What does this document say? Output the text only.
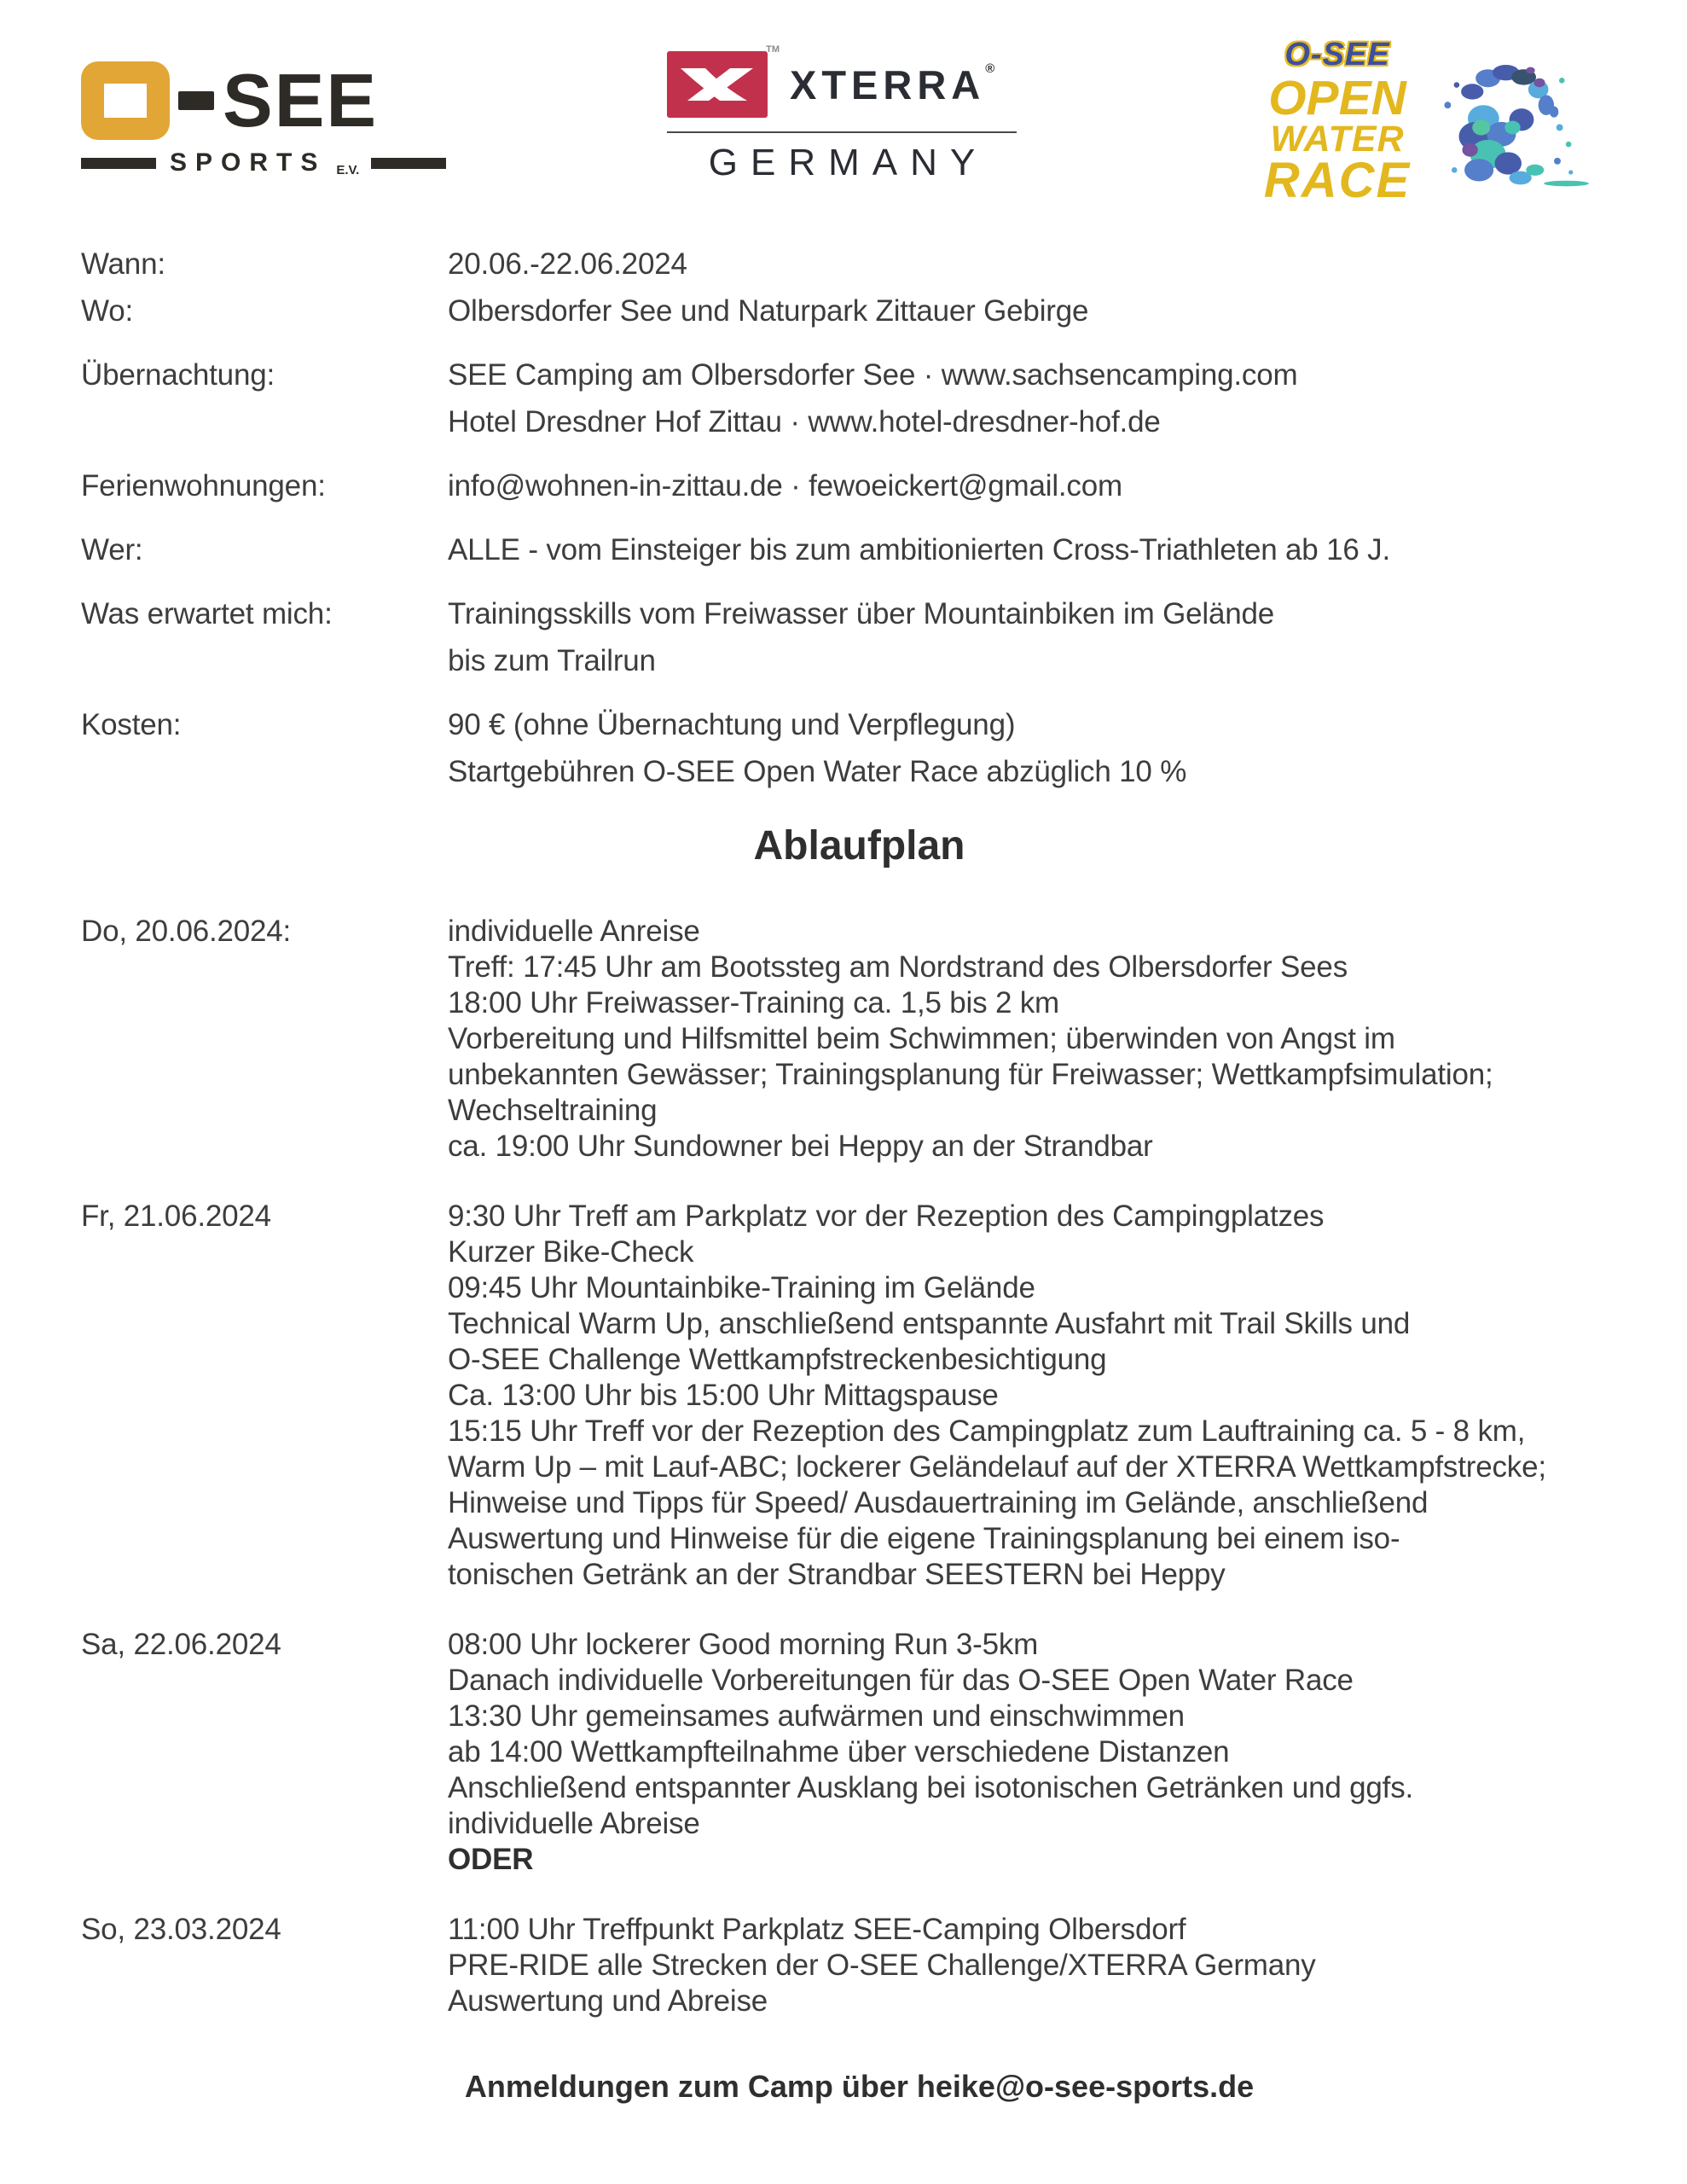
SEE
SPORTS E.V.
TM
XTERRA®
GERMANY
O-SEE
OPEN
WATER
RACE
Wann:	20.06.-22.06.2024
Wo:	Olbersdorfer See und Naturpark Zittauer Gebirge
Übernachtung:	SEE Camping am Olbersdorfer See · www.sachsencamping.com
Hotel Dresdner Hof Zittau · www.hotel-dresdner-hof.de
Ferienwohnungen:	info@wohnen-in-zittau.de · fewoeickert@gmail.com
Wer:	ALLE - vom Einsteiger bis zum ambitionierten Cross-Triathleten ab 16 J.
Was erwartet mich:	Trainingsskills vom Freiwasser über Mountainbiken im Gelände
bis zum Trailrun
Kosten:	90 € (ohne Übernachtung und Verpflegung)
Startgebühren O-SEE Open Water Race abzüglich 10 %
Ablaufplan
Do, 20.06.2024:	individuelle Anreise
Treff: 17:45 Uhr am Bootssteg am Nordstrand des Olbersdorfer Sees
18:00 Uhr Freiwasser-Training ca. 1,5 bis 2 km
Vorbereitung und Hilfsmittel beim Schwimmen; überwinden von Angst im
unbekannten Gewässer; Trainingsplanung für Freiwasser; Wettkampfsimulation;
Wechseltraining
ca. 19:00 Uhr Sundowner bei Heppy an der Strandbar
Fr, 21.06.2024	9:30 Uhr Treff am Parkplatz vor der Rezeption des Campingplatzes
Kurzer Bike-Check
09:45 Uhr Mountainbike-Training im Gelände
Technical Warm Up, anschließend entspannte Ausfahrt mit Trail Skills und
O-SEE Challenge Wettkampfstreckenbesichtigung
Ca. 13:00 Uhr bis 15:00 Uhr Mittagspause
15:15 Uhr Treff vor der Rezeption des Campingplatz zum Lauftraining ca. 5 - 8 km,
Warm Up – mit Lauf-ABC; lockerer Geländelauf auf der XTERRA Wettkampfstrecke;
Hinweise und Tipps für Speed/ Ausdauertraining im Gelände, anschließend
Auswertung und Hinweise für die eigene Trainingsplanung bei einem iso-
tonischen Getränk an der Strandbar SEESTERN bei Heppy
Sa, 22.06.2024	08:00 Uhr lockerer Good morning Run 3-5km
Danach individuelle Vorbereitungen für das O-SEE Open Water Race
13:30 Uhr gemeinsames aufwärmen und einschwimmen
ab 14:00 Wettkampfteilnahme über verschiedene Distanzen
Anschließend entspannter Ausklang bei isotonischen Getränken und ggfs.
individuelle Abreise
ODER
So, 23.03.2024	11:00 Uhr Treffpunkt Parkplatz SEE-Camping Olbersdorf
PRE-RIDE alle Strecken der O-SEE Challenge/XTERRA Germany
Auswertung und Abreise
Anmeldungen zum Camp über heike@o-see-sports.de
